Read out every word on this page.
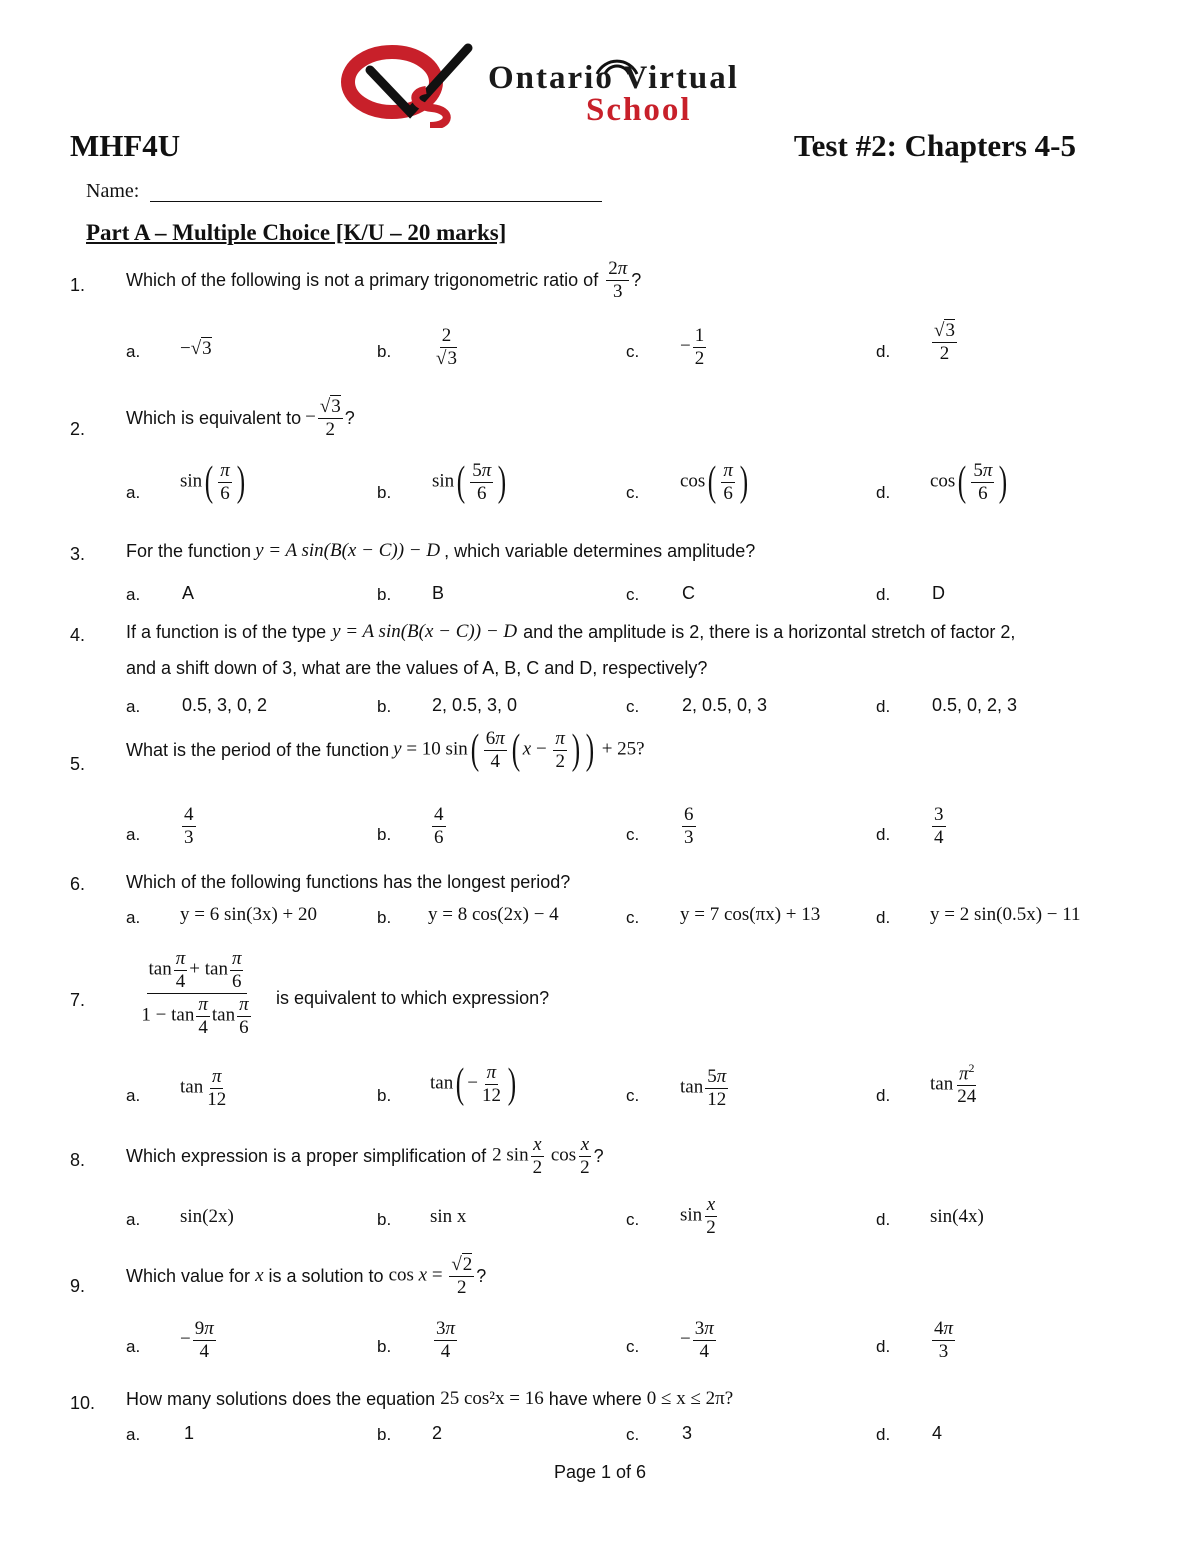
Ontario Virtual
School
MHF4U	Test #2: Chapters 4-5
Name:
Part A – Multiple Choice [K/U – 20 marks]
1. Which of the following is not a primary trigonometric ratio of $\frac{2\pi}{3}$ ?
a. −√3	b. $\frac{2}{√3}$	c. − $\frac{1}{2}$	d. $\frac{√3}{2}$
2.
Which is equivalent to − $\frac{√3}{2}$ ?
a.
$\sin( \frac{\pi}{6}$ )	b.
$\sin( \frac{5\pi}{6}$ )	c.
$\cos( \frac{\pi}{6}$ )	d.
$\cos( \frac{5\pi}{6}$ )
3. For the function y = A sin(B(x − C)) − D , which variable determines amplitude?
a. A	b. B	c. C	d. D
4. If a function is of the type y = A sin(B(x − C)) − D and the amplitude is 2, there is a horizontal stretch of factor 2,
and a shift down of 3, what are the values of A, B, C and D, respectively?
a. 0.5, 3, 0, 2	b. 2, 0.5, 3, 0	c. 2, 0.5, 0, 3	d. 0.5, 0, 2, 3
5.
What is the period of the function y = 10 $\sin( \frac{6\pi}{4}$ ( $x - \frac{\pi}{2}$ ) ) + 25?
a. $\frac{4}{3}$	b. $\frac{4}{6}$	c. $\frac{6}{3}$	d. $\frac{3}{4}$
6. Which of the following functions has the longest period?
a. y = 6 sin(3x) + 20	b. y = 8 cos(2x) − 4	c. y = 7 cos(πx) + 13	d. y = 2 sin(0.5x) − 11
7.
$\tan \frac{\pi}{4} + \tan \frac{\pi}{6}$
$1 - \tan \frac{\pi}{4}$ $\tan \frac{\pi}{6}$ is equivalent to which expression?
a. $\tan \frac{\pi}{12}$	b.
$\tan( - \frac{\pi}{12}$ )	c. $\tan \frac{5\pi}{12}$	d.
$\tan \frac{\pi^2}{24}$
8. Which expression is a proper simplification of 2 $\sin \frac{x}{2}$ $\cos \frac{x}{2}$ ?
a. sin(2x)	b. sin x	c. $\sin \frac{x}{2}$	d. sin(4x)
9.
Which value for x is a solution to $\cos x = \frac{√2}{2}$ ?
a. − $\frac{9\pi}{4}$	b. $\frac{3\pi}{4}$	c. − $\frac{3\pi}{4}$	d. $\frac{4\pi}{3}$
10. How many solutions does the equation 25 cos²x = 16 have where 0 ≤ x ≤ 2π?
a. 1	b. 2	c. 3	d. 4
Page 1 of 6
